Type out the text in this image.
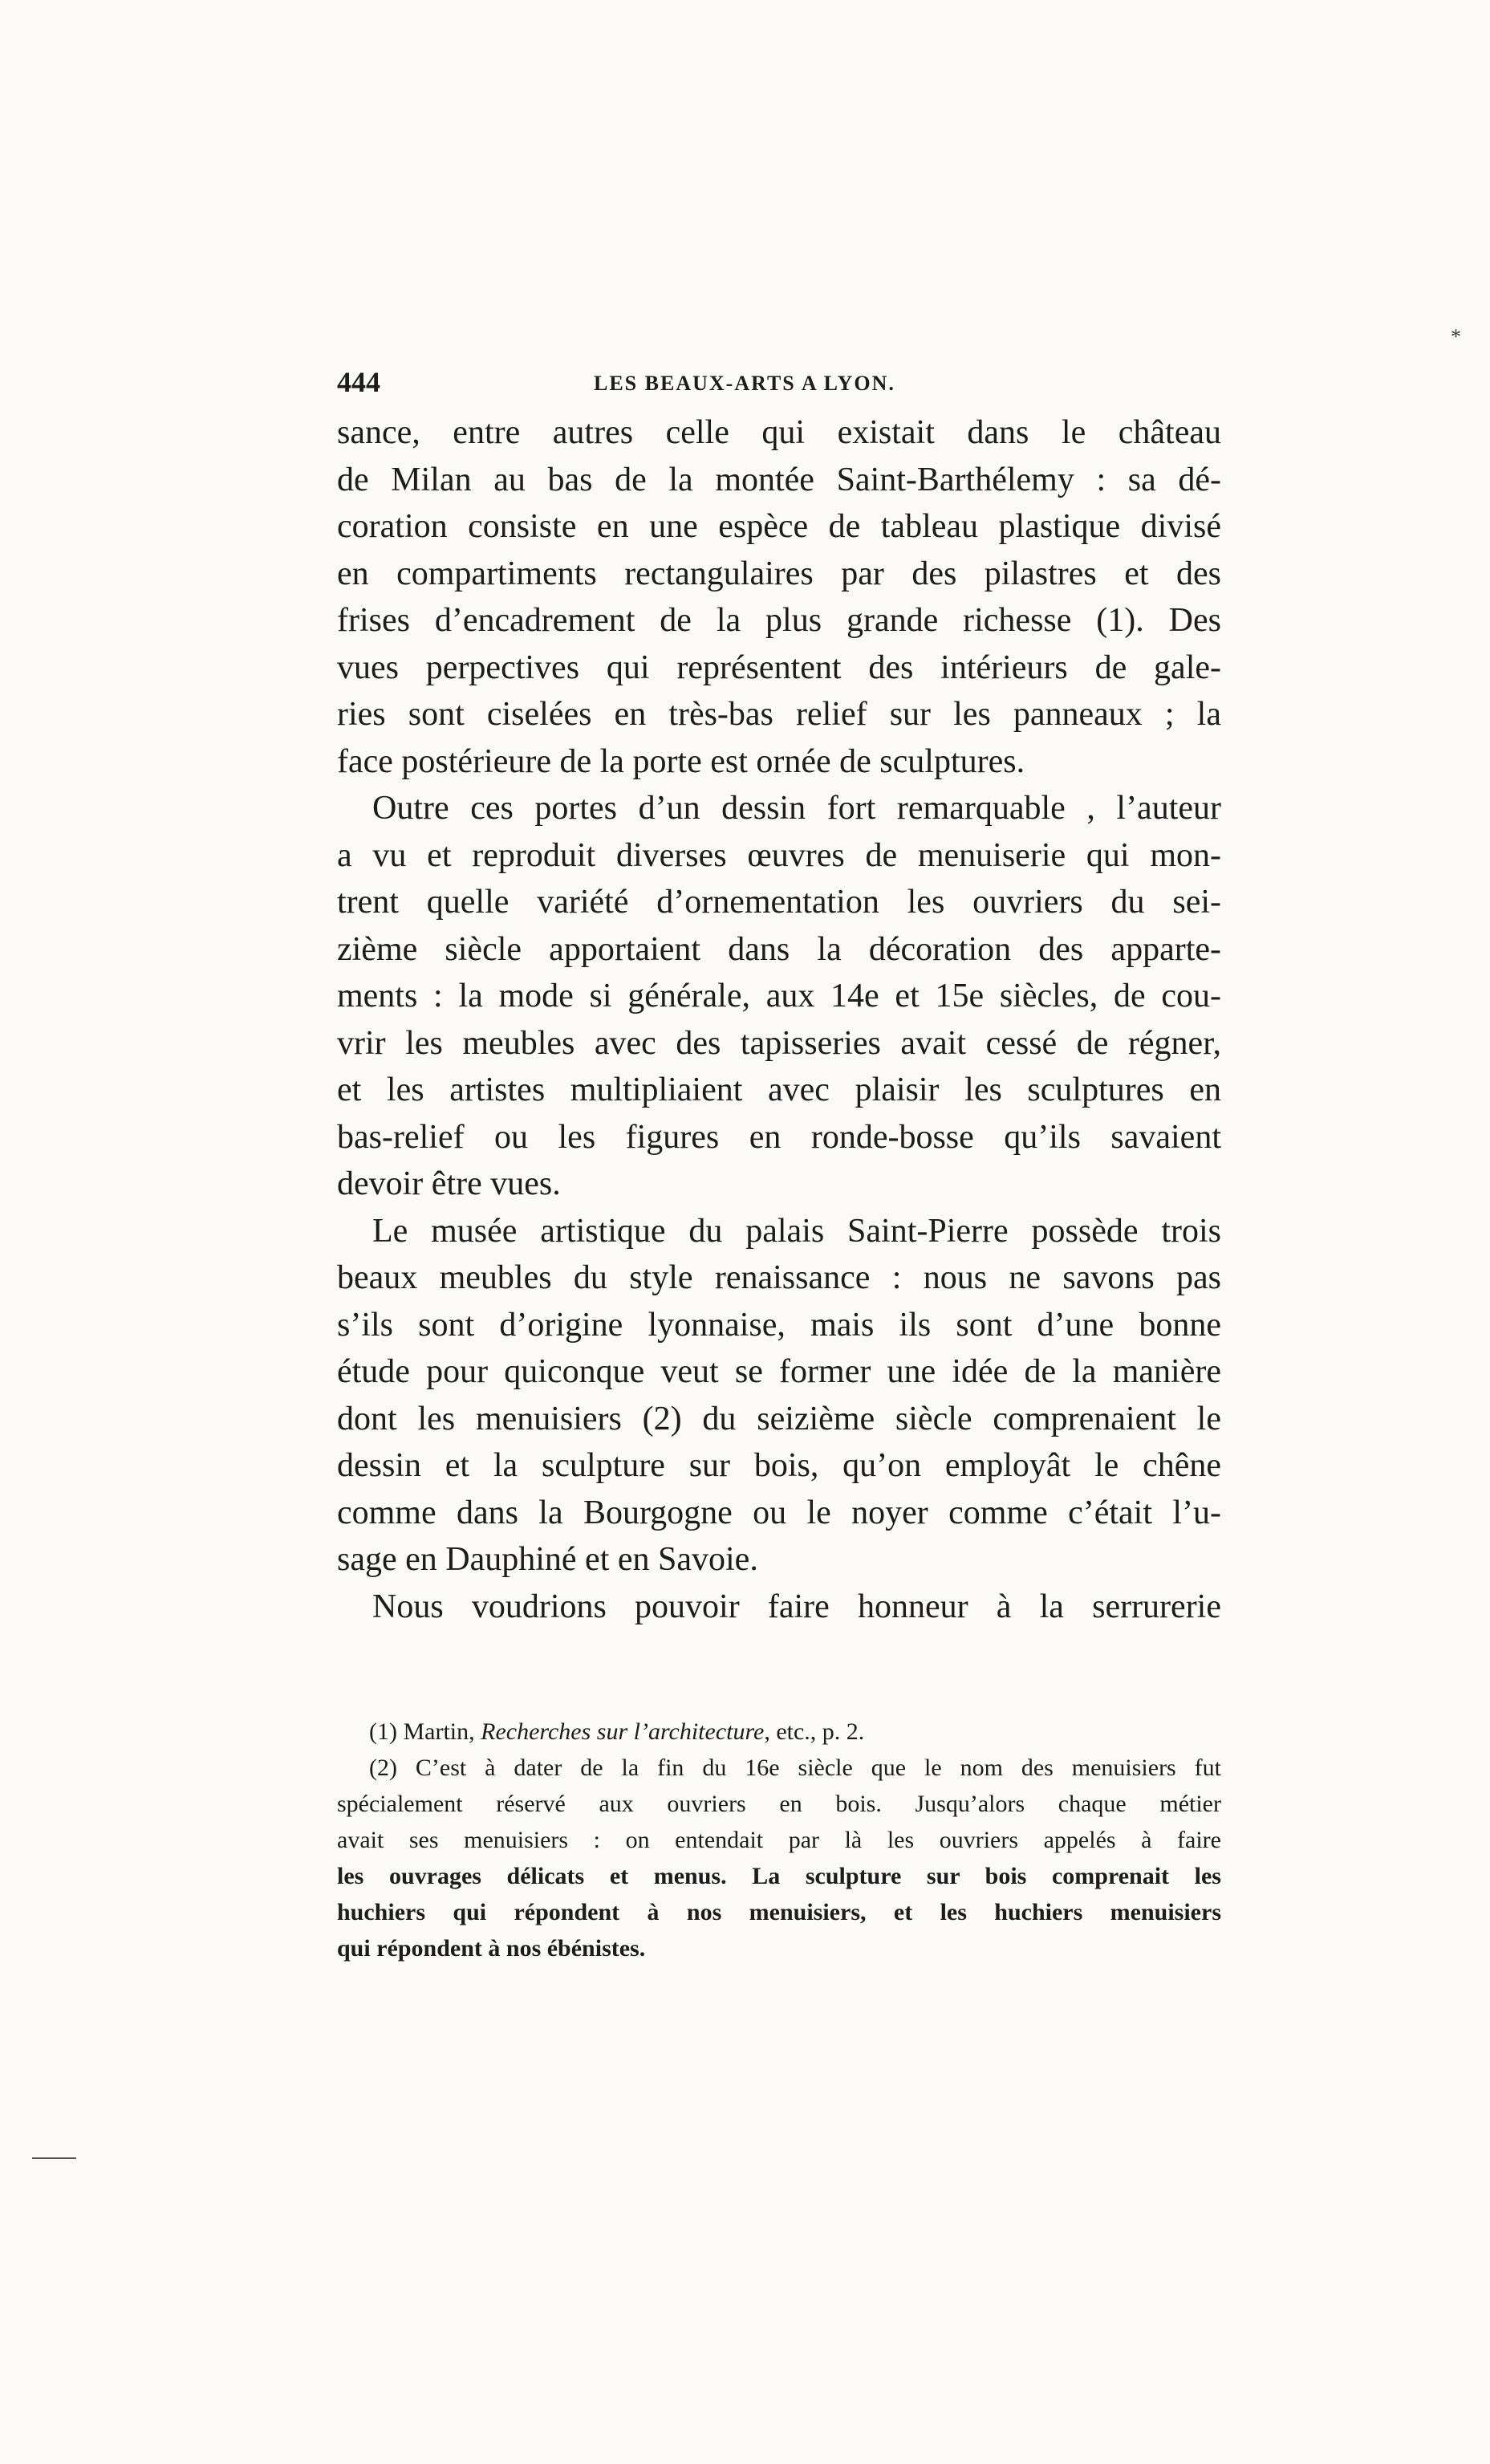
*
444	LES BEAUX-ARTS A LYON.
sance, entre autres celle qui existait dans le château
de Milan au bas de la montée Saint-Barthélemy : sa dé-
coration consiste en une espèce de tableau plastique divisé
en compartiments rectangulaires par des pilastres et des
frises d’encadrement de la plus grande richesse (1). Des
vues perpectives qui représentent des intérieurs de gale-
ries sont ciselées en très-bas relief sur les panneaux ; la
face postérieure de la porte est ornée de sculptures.
Outre ces portes d’un dessin fort remarquable , l’auteur
a vu et reproduit diverses œuvres de menuiserie qui mon-
trent quelle variété d’ornementation les ouvriers du sei-
zième siècle apportaient dans la décoration des apparte-
ments : la mode si générale, aux 14e et 15e siècles, de cou-
vrir les meubles avec des tapisseries avait cessé de régner,
et les artistes multipliaient avec plaisir les sculptures en
bas-relief ou les figures en ronde-bosse qu’ils savaient
devoir être vues.
Le musée artistique du palais Saint-Pierre possède trois
beaux meubles du style renaissance : nous ne savons pas
s’ils sont d’origine lyonnaise, mais ils sont d’une bonne
étude pour quiconque veut se former une idée de la manière
dont les menuisiers (2) du seizième siècle comprenaient le
dessin et la sculpture sur bois, qu’on employât le chêne
comme dans la Bourgogne ou le noyer comme c’était l’u-
sage en Dauphiné et en Savoie.
Nous voudrions pouvoir faire honneur à la serrurerie
(1) Martin, Recherches sur l’architecture, etc., p. 2.
(2) C’est à dater de la fin du 16e siècle que le nom des menuisiers fut
spécialement réservé aux ouvriers en bois. Jusqu’alors chaque métier
avait ses menuisiers : on entendait par là les ouvriers appelés à faire
les ouvrages délicats et menus. La sculpture sur bois comprenait les
huchiers qui répondent à nos menuisiers, et les huchiers menuisiers
qui répondent à nos ébénistes.
